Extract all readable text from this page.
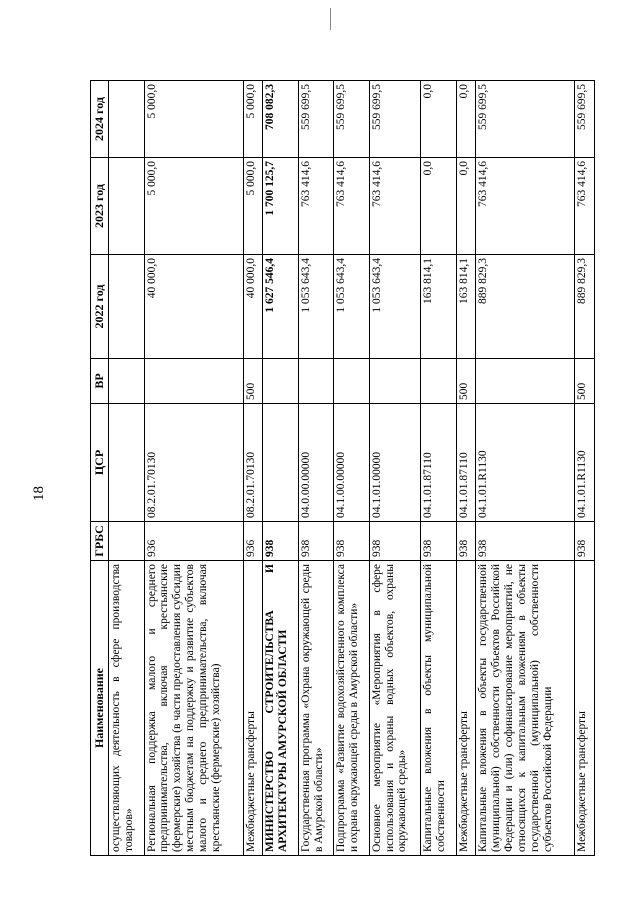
18
Наименование	ГРБС	ЦСР	ВР	2022 год	2023 год	2024 год
осуществляющих деятельность в сфере производства товаров»						
Региональная поддержка малого и среднего предпринимательства, включая крестьянские (фермерские) хозяйства (в части предоставления субсидии местным бюджетам на поддержку и развитие субъектов малого и среднего предпринимательства, включая крестьянские (фермерские) хозяйства)	936	08.2.01.70130		40 000,0	5 000,0	5 000,0
Межбюджетные трансферты	936	08.2.01.70130	500	40 000,0	5 000,0	5 000,0
МИНИСТЕРСТВО СТРОИТЕЛЬСТВА И АРХИТЕКТУРЫ АМУРСКОЙ ОБЛАСТИ	938			1 627 546,4	1 700 125,7	708 082,3
Государственная программа «Охрана окружающей среды в Амурской области»	938	04.0.00.00000		1 053 643,4	763 414,6	559 699,5
Подпрограмма «Развитие водохозяйственного комплекса и охрана окружающей среды в Амурской области»	938	04.1.00.00000		1 053 643,4	763 414,6	559 699,5
Основное мероприятие «Мероприятия в сфере использования и охраны водных объектов, охраны окружающей среды»	938	04.1.01.00000		1 053 643,4	763 414,6	559 699,5
Капитальные вложения в объекты муниципальной собственности	938	04.1.01.87110		163 814,1	0,0	0,0
Межбюджетные трансферты	938	04.1.01.87110	500	163 814,1	0,0	0,0
Капитальные вложения в объекты государственной (муниципальной) собственности субъектов Российской Федерации и (или) софинансирование мероприятий, не относящихся к капитальным вложениям в объекты государственной (муниципальной) собственности субъектов Российской Федерации	938	04.1.01.R1130		889 829,3	763 414,6	559 699,5
Межбюджетные трансферты	938	04.1.01.R1130	500	889 829,3	763 414,6	559 699,5
